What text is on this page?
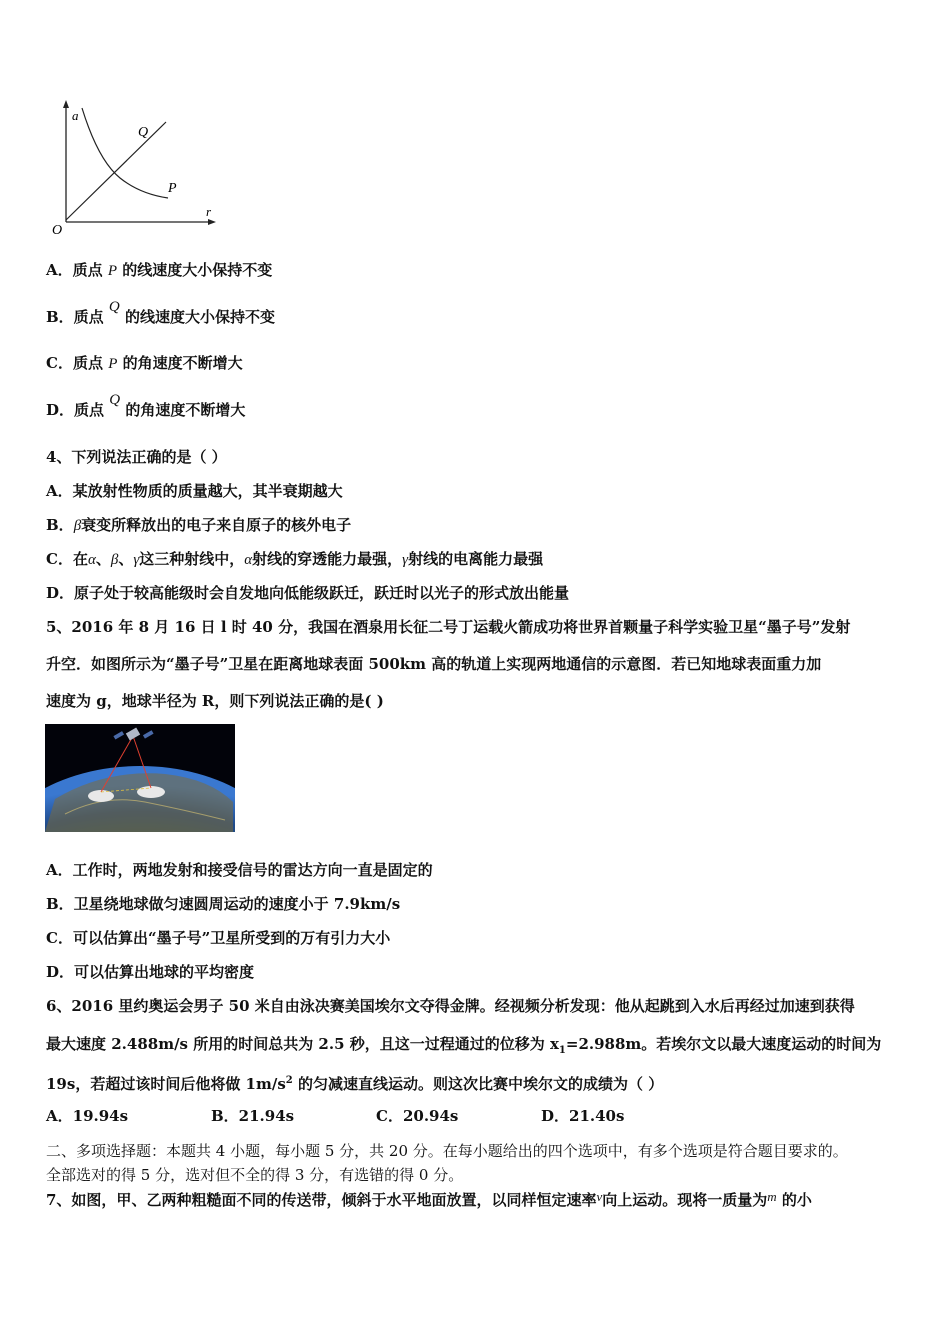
a
r
O
P
Q
A．质点 P 的线速度大小保持不变
B．质点 Q 的线速度大小保持不变
C．质点 P 的角速度不断增大
D．质点 Q 的角速度不断增大
4、下列说法正确的是（ ）
A．某放射性物质的质量越大，其半衰期越大
B．β衰变所释放出的电子来自原子的核外电子
C．在α、β、γ这三种射线中，α射线的穿透能力最强，γ射线的电离能力最强
D．原子处于较高能级时会自发地向低能级跃迁，跃迁时以光子的形式放出能量
5、2016 年 8 月 16 日 l 时 40 分，我国在酒泉用长征二号丁运载火箭成功将世界首颗量子科学实验卫星“墨子号”发射
升空．如图所示为“墨子号”卫星在距离地球表面 500km 高的轨道上实现两地通信的示意图．若已知地球表面重力加
速度为 g，地球半径为 R，则下列说法正确的是( )
A．工作时，两地发射和接受信号的雷达方向一直是固定的
B．卫星绕地球做匀速圆周运动的速度小于 7.9km/s
C．可以估算出“墨子号”卫星所受到的万有引力大小
D．可以估算出地球的平均密度
6、2016 里约奥运会男子 50 米自由泳决赛美国埃尔文夺得金牌。经视频分析发现：他从起跳到入水后再经过加速到获得
最大速度 2.488m/s 所用的时间总共为 2.5 秒，且这一过程通过的位移为 $x_1=2.988m$。若埃尔文以最大速度运动的时间为
19s，若超过该时间后他将做 $1m/s^2$ 的匀减速直线运动。则这次比赛中埃尔文的成绩为（ ）
A．19.94s	B．21.94s	C．20.94s	D．21.40s
二、多项选择题：本题共 4 小题，每小题 5 分，共 20 分。在每小题给出的四个选项中，有多个选项是符合题目要求的。
全部选对的得 5 分，选对但不全的得 3 分，有选错的得 0 分。
7、如图，甲、乙两种粗糙面不同的传送带，倾斜于水平地面放置，以同样恒定速率v向上运动。现将一质量为m 的小
